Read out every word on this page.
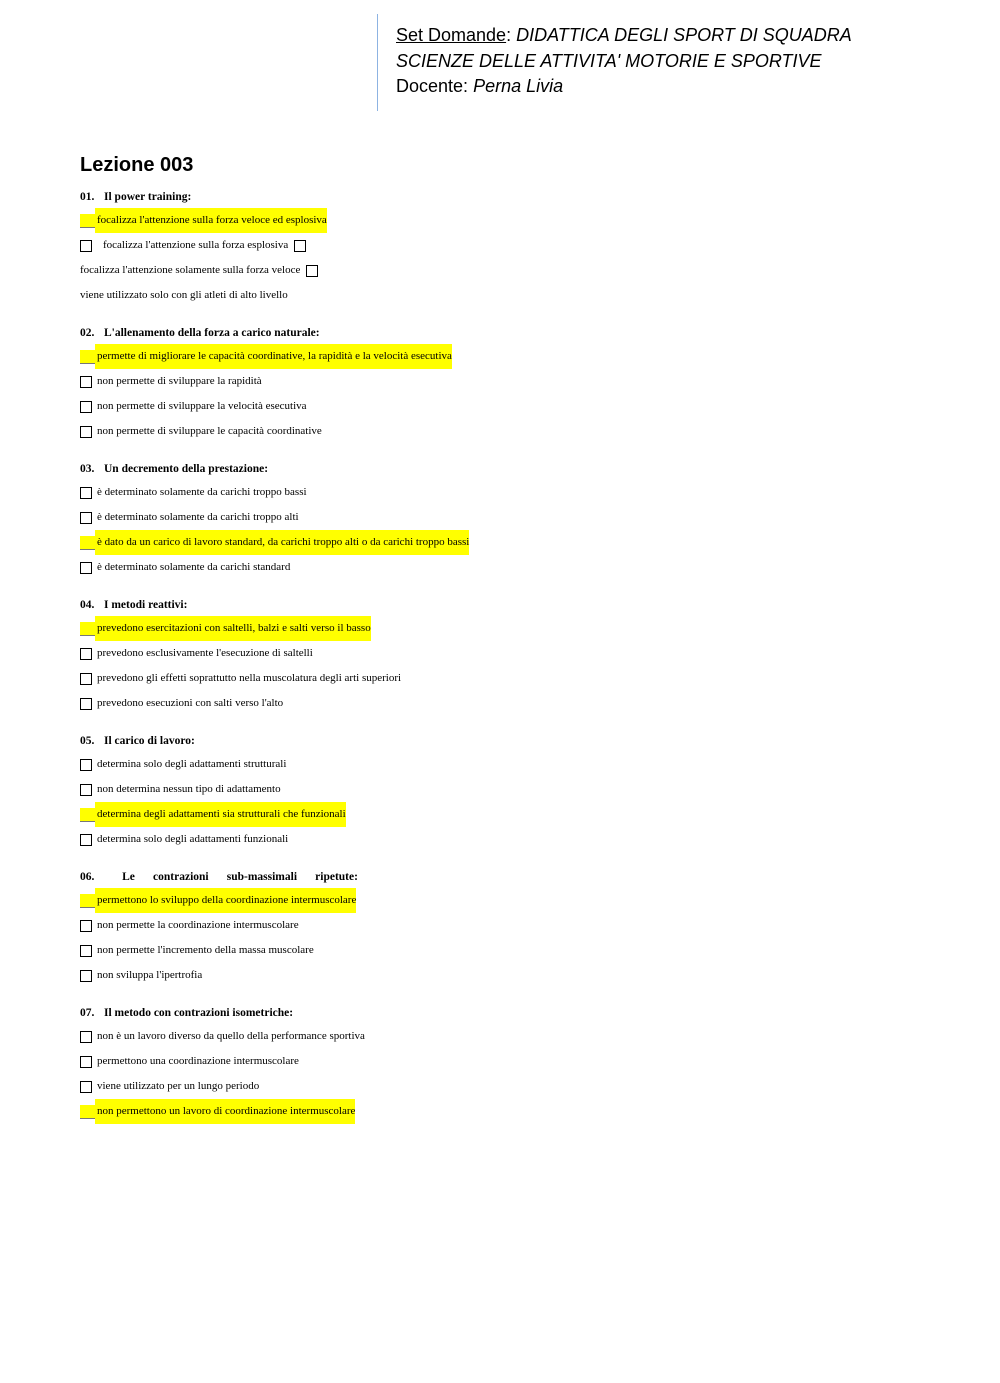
Set Domande: DIDATTICA DEGLI SPORT DI SQUADRA
SCIENZE DELLE ATTIVITA' MOTORIE E SPORTIVE
Docente: Perna Livia
Lezione 003
01. Il power training:
focalizza l'attenzione sulla forza veloce ed esplosiva
focalizza l'attenzione sulla forza esplosiva
focalizza l'attenzione solamente sulla forza veloce
viene utilizzato solo con gli atleti di alto livello
02. L'allenamento della forza a carico naturale:
permette di migliorare le capacità coordinative, la rapidità e la velocità esecutiva
non permette di sviluppare la rapidità
non permette di sviluppare la velocità esecutiva
non permette di sviluppare le capacità coordinative
03. Un decremento della prestazione:
è determinato solamente da carichi troppo bassi
è determinato solamente da carichi troppo alti
è dato da un carico di lavoro standard, da carichi troppo alti o da carichi troppo bassi
è determinato solamente da carichi standard
04. I metodi reattivi:
prevedono esercitazioni con saltelli, balzi e salti verso il basso
prevedono esclusivamente l'esecuzione di saltelli
prevedono gli effetti soprattutto nella muscolatura degli arti superiori
prevedono esecuzioni con salti verso l'alto
05. Il carico di lavoro:
determina solo degli adattamenti strutturali
non determina nessun tipo di adattamento
determina degli adattamenti sia strutturali che funzionali
determina solo degli adattamenti funzionali
06.	Le contrazioni sub-massimali ripetute:
permettono lo sviluppo della coordinazione intermuscolare
non permette la coordinazione intermuscolare
non permette l'incremento della massa muscolare
non sviluppa l'ipertrofia
07. Il metodo con contrazioni isometriche:
non è un lavoro diverso da quello della performance sportiva
permettono una coordinazione intermuscolare
viene utilizzato per un lungo periodo
non permettono un lavoro di coordinazione intermuscolare
